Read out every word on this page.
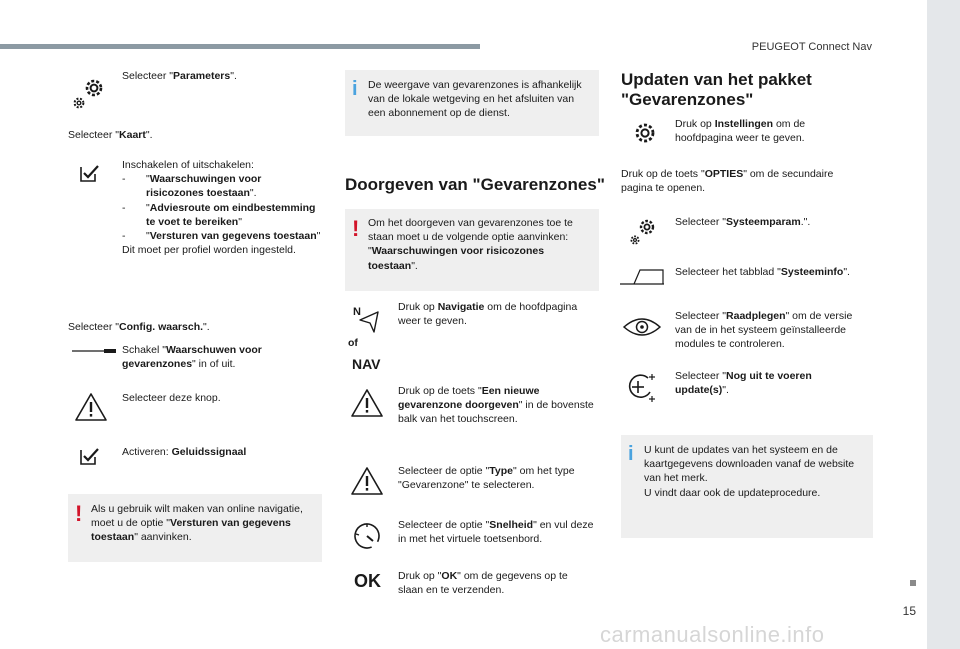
PEUGEOT Connect Nav
15
Selecteer "Parameters".
Selecteer "Kaart".
Inschakelen of uitschakelen:
- "Waarschuwingen voor risicozones toestaan".
- "Adviesroute om eindbestemming te voet te bereiken"
- "Versturen van gegevens toestaan"
Dit moet per profiel worden ingesteld.
Selecteer "Config. waarsch.".
Schakel "Waarschuwen voor gevarenzones" in of uit.
Selecteer deze knop.
Activeren: Geluidssignaal
! Als u gebruik wilt maken van online navigatie, moet u de optie "Versturen van gegevens toestaan" aanvinken.
i De weergave van gevarenzones is afhankelijk van de lokale wetgeving en het afsluiten van een abonnement op de dienst.
Doorgeven van "Gevarenzones"
! Om het doorgeven van gevarenzones toe te staan moet u de volgende optie aanvinken: "Waarschuwingen voor risicozones toestaan".
N	Druk op Navigatie om de hoofdpagina weer te geven.
of
NAV
Druk op de toets "Een nieuwe gevarenzone doorgeven" in de bovenste balk van het touchscreen.
Selecteer de optie "Type" om het type "Gevarenzone" te selecteren.
Selecteer de optie "Snelheid" en vul deze in met het virtuele toetsenbord.
OK Druk op "OK" om de gegevens op te slaan en te verzenden.
Updaten van het pakket "Gevarenzones"
Druk op Instellingen om de hoofdpagina weer te geven.
Druk op de toets "OPTIES" om de secundaire pagina te openen.
Selecteer "Systeemparam.".
Selecteer het tabblad "Systeeminfo".
Selecteer "Raadplegen" om de versie van de in het systeem geïnstalleerde modules te controleren.
Selecteer "Nog uit te voeren update(s)".
i U kunt de updates van het systeem en de kaartgegevens downloaden vanaf de website van het merk.
U vindt daar ook de updateprocedure.
carmanualsonline.info
